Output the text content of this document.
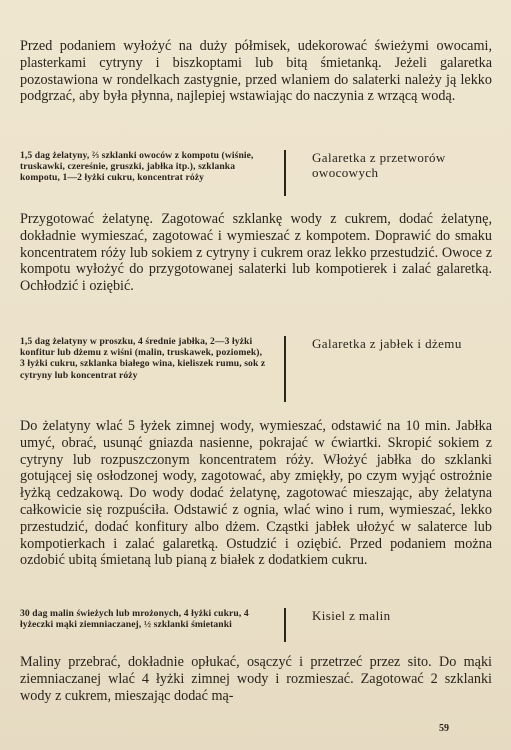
Przed podaniem wyłożyć na duży półmisek, udekorować świeżymi owocami, plasterkami cytryny i biszkoptami lub bitą śmietanką. Jeżeli galaretka pozostawiona w rondelkach zastygnie, przed wlaniem do salaterki należy ją lekko podgrzać, aby była płynna, najlepiej wstawiając do naczynia z wrzącą wodą.

1,5 dag żelatyny, ⅔ szklanki owoców z kompotu (wiśnie, truskawki, czereśnie, gruszki, jabłka itp.), szklanka kompotu, 1—2 łyżki cukru, koncentrat róży

Galaretka z przetworów owocowych

Przygotować żelatynę. Zagotować szklankę wody z cukrem, dodać żelatynę, dokładnie wymieszać, zagotować i wymieszać z kompotem. Doprawić do smaku koncentratem róży lub sokiem z cytryny i cukrem oraz lekko przestudzić. Owoce z kompotu wyłożyć do przygotowanej salaterki lub kompotierek i zalać galaretką. Ochłodzić i oziębić.

1,5 dag żelatyny w proszku, 4 średnie jabłka, 2—3 łyżki konfitur lub dżemu z wiśni (malin, truskawek, poziomek), 3 łyżki cukru, szklanka białego wina, kieliszek rumu, sok z cytryny lub koncentrat róży

Galaretka z jabłek i dżemu

Do żelatyny wlać 5 łyżek zimnej wody, wymieszać, odstawić na 10 min. Jabłka umyć, obrać, usunąć gniazda nasienne, pokrajać w ćwiartki. Skropić sokiem z cytryny lub rozpuszczonym koncentratem róży. Włożyć jabłka do szklanki gotującej się osłodzonej wody, zagotować, aby zmiękły, po czym wyjąć ostrożnie łyżką cedzakową. Do wody dodać żelatynę, zagotować mieszając, aby żelatyna całkowicie się rozpuściła. Odstawić z ognia, wlać wino i rum, wymieszać, lekko przestudzić, dodać konfitury albo dżem. Cząstki jabłek ułożyć w salaterce lub kompotierkach i zalać galaretką. Ostudzić i oziębić. Przed podaniem można ozdobić ubitą śmietaną lub pianą z białek z dodatkiem cukru.

30 dag malin świeżych lub mrożonych, 4 łyżki cukru, 4 łyżeczki mąki ziemniaczanej, ½ szklanki śmietanki

Kisiel z malin

Maliny przebrać, dokładnie opłukać, osączyć i przetrzeć przez sito. Do mąki ziemniaczanej wlać 4 łyżki zimnej wody i rozmieszać. Zagotować 2 szklanki wody z cukrem, mieszając dodać mą-

59
